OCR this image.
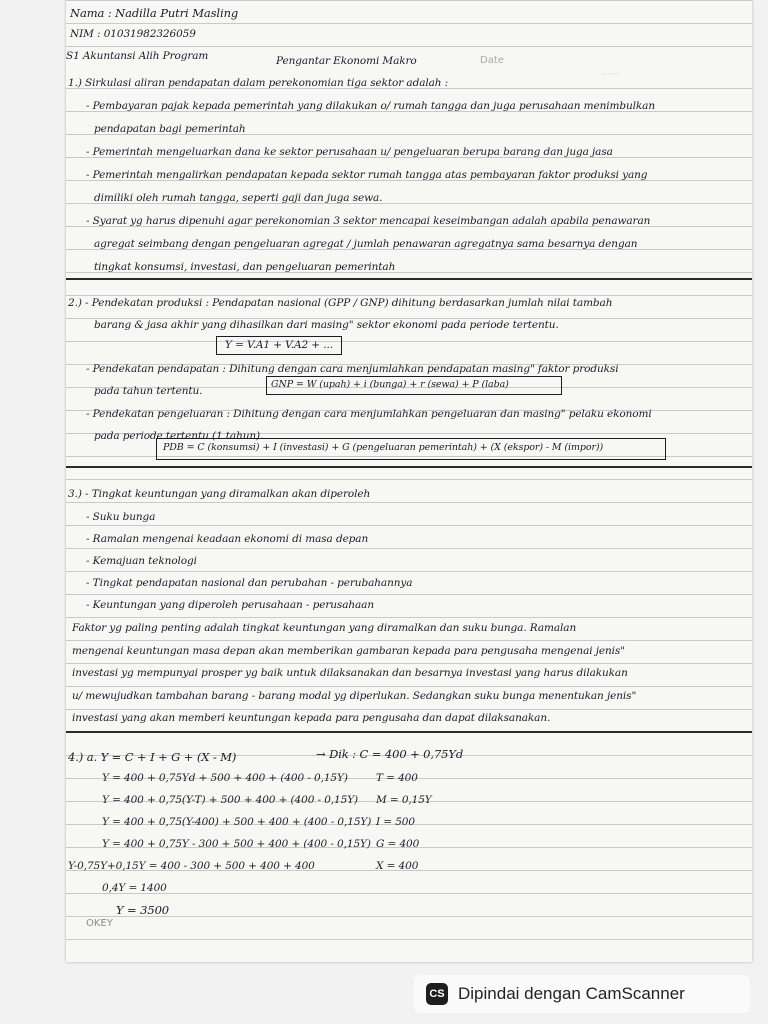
Nama : Nadilla Putri Masling
NIM : 01031982326059
S1 Akuntansi Alih Program	Pengantar Ekonomi Makro	Date
······
1.) Sirkulasi aliran pendapatan dalam perekonomian tiga sektor adalah :
- Pembayaran pajak kepada pemerintah yang dilakukan o/ rumah tangga dan juga perusahaan menimbulkan
pendapatan bagi pemerintah
- Pemerintah mengeluarkan dana ke sektor perusahaan u/ pengeluaran berupa barang dan juga jasa
- Pemerintah mengalirkan pendapatan kepada sektor rumah tangga atas pembayaran faktor produksi yang
dimiliki oleh rumah tangga, seperti gaji dan juga sewa.
- Syarat yg harus dipenuhi agar perekonomian 3 sektor mencapai keseimbangan adalah apabila penawaran
agregat seimbang dengan pengeluaran agregat / jumlah penawaran agregatnya sama besarnya dengan
tingkat konsumsi, investasi, dan pengeluaran pemerintah
2.) - Pendekatan produksi : Pendapatan nasional (GPP / GNP) dihitung berdasarkan jumlah nilai tambah
barang & jasa akhir yang dihasilkan dari masing" sektor ekonomi pada periode tertentu.
Y = V.A1 + V.A2 + ...
- Pendekatan pendapatan : Dihitung dengan cara menjumlahkan pendapatan masing" faktor produksi
pada tahun tertentu.
GNP = W (upah) + i (bunga) + r (sewa) + P (laba)
- Pendekatan pengeluaran : Dihitung dengan cara menjumlahkan pengeluaran dan masing" pelaku ekonomi
pada periode tertentu (1 tahun).
PDB = C (konsumsi) + I (investasi) + G (pengeluaran pemerintah) + (X (ekspor) - M (impor))
3.) - Tingkat keuntungan yang diramalkan akan diperoleh
- Suku bunga
- Ramalan mengenai keadaan ekonomi di masa depan
- Kemajuan teknologi
- Tingkat pendapatan nasional dan perubahan - perubahannya
- Keuntungan yang diperoleh perusahaan - perusahaan
Faktor yg paling penting adalah tingkat keuntungan yang diramalkan dan suku bunga. Ramalan
mengenai keuntungan masa depan akan memberikan gambaran kepada para pengusaha mengenai jenis"
investasi yg mempunyai prosper yg baik untuk dilaksanakan dan besarnya investasi yang harus dilakukan
u/ mewujudkan tambahan barang - barang modal yg diperlukan. Sedangkan suku bunga menentukan jenis"
investasi yang akan memberi keuntungan kepada para pengusaha dan dapat dilaksanakan.
4.) a. Y = C + I + G + (X - M)
Y = 400 + 0,75Yd + 500 + 400 + (400 - 0,15Y)
Y = 400 + 0,75(Y-T) + 500 + 400 + (400 - 0,15Y)
Y = 400 + 0,75(Y-400) + 500 + 400 + (400 - 0,15Y)
Y = 400 + 0,75Y - 300 + 500 + 400 + (400 - 0,15Y)
Y-0,75Y+0,15Y = 400 - 300 + 500 + 400 + 400
0,4Y = 1400
Y = 3500
→ Dik : C = 400 + 0,75Yd
T = 400
M = 0,15Y
I = 500
G = 400
X = 400
OKEY
CS Dipindai dengan CamScanner
